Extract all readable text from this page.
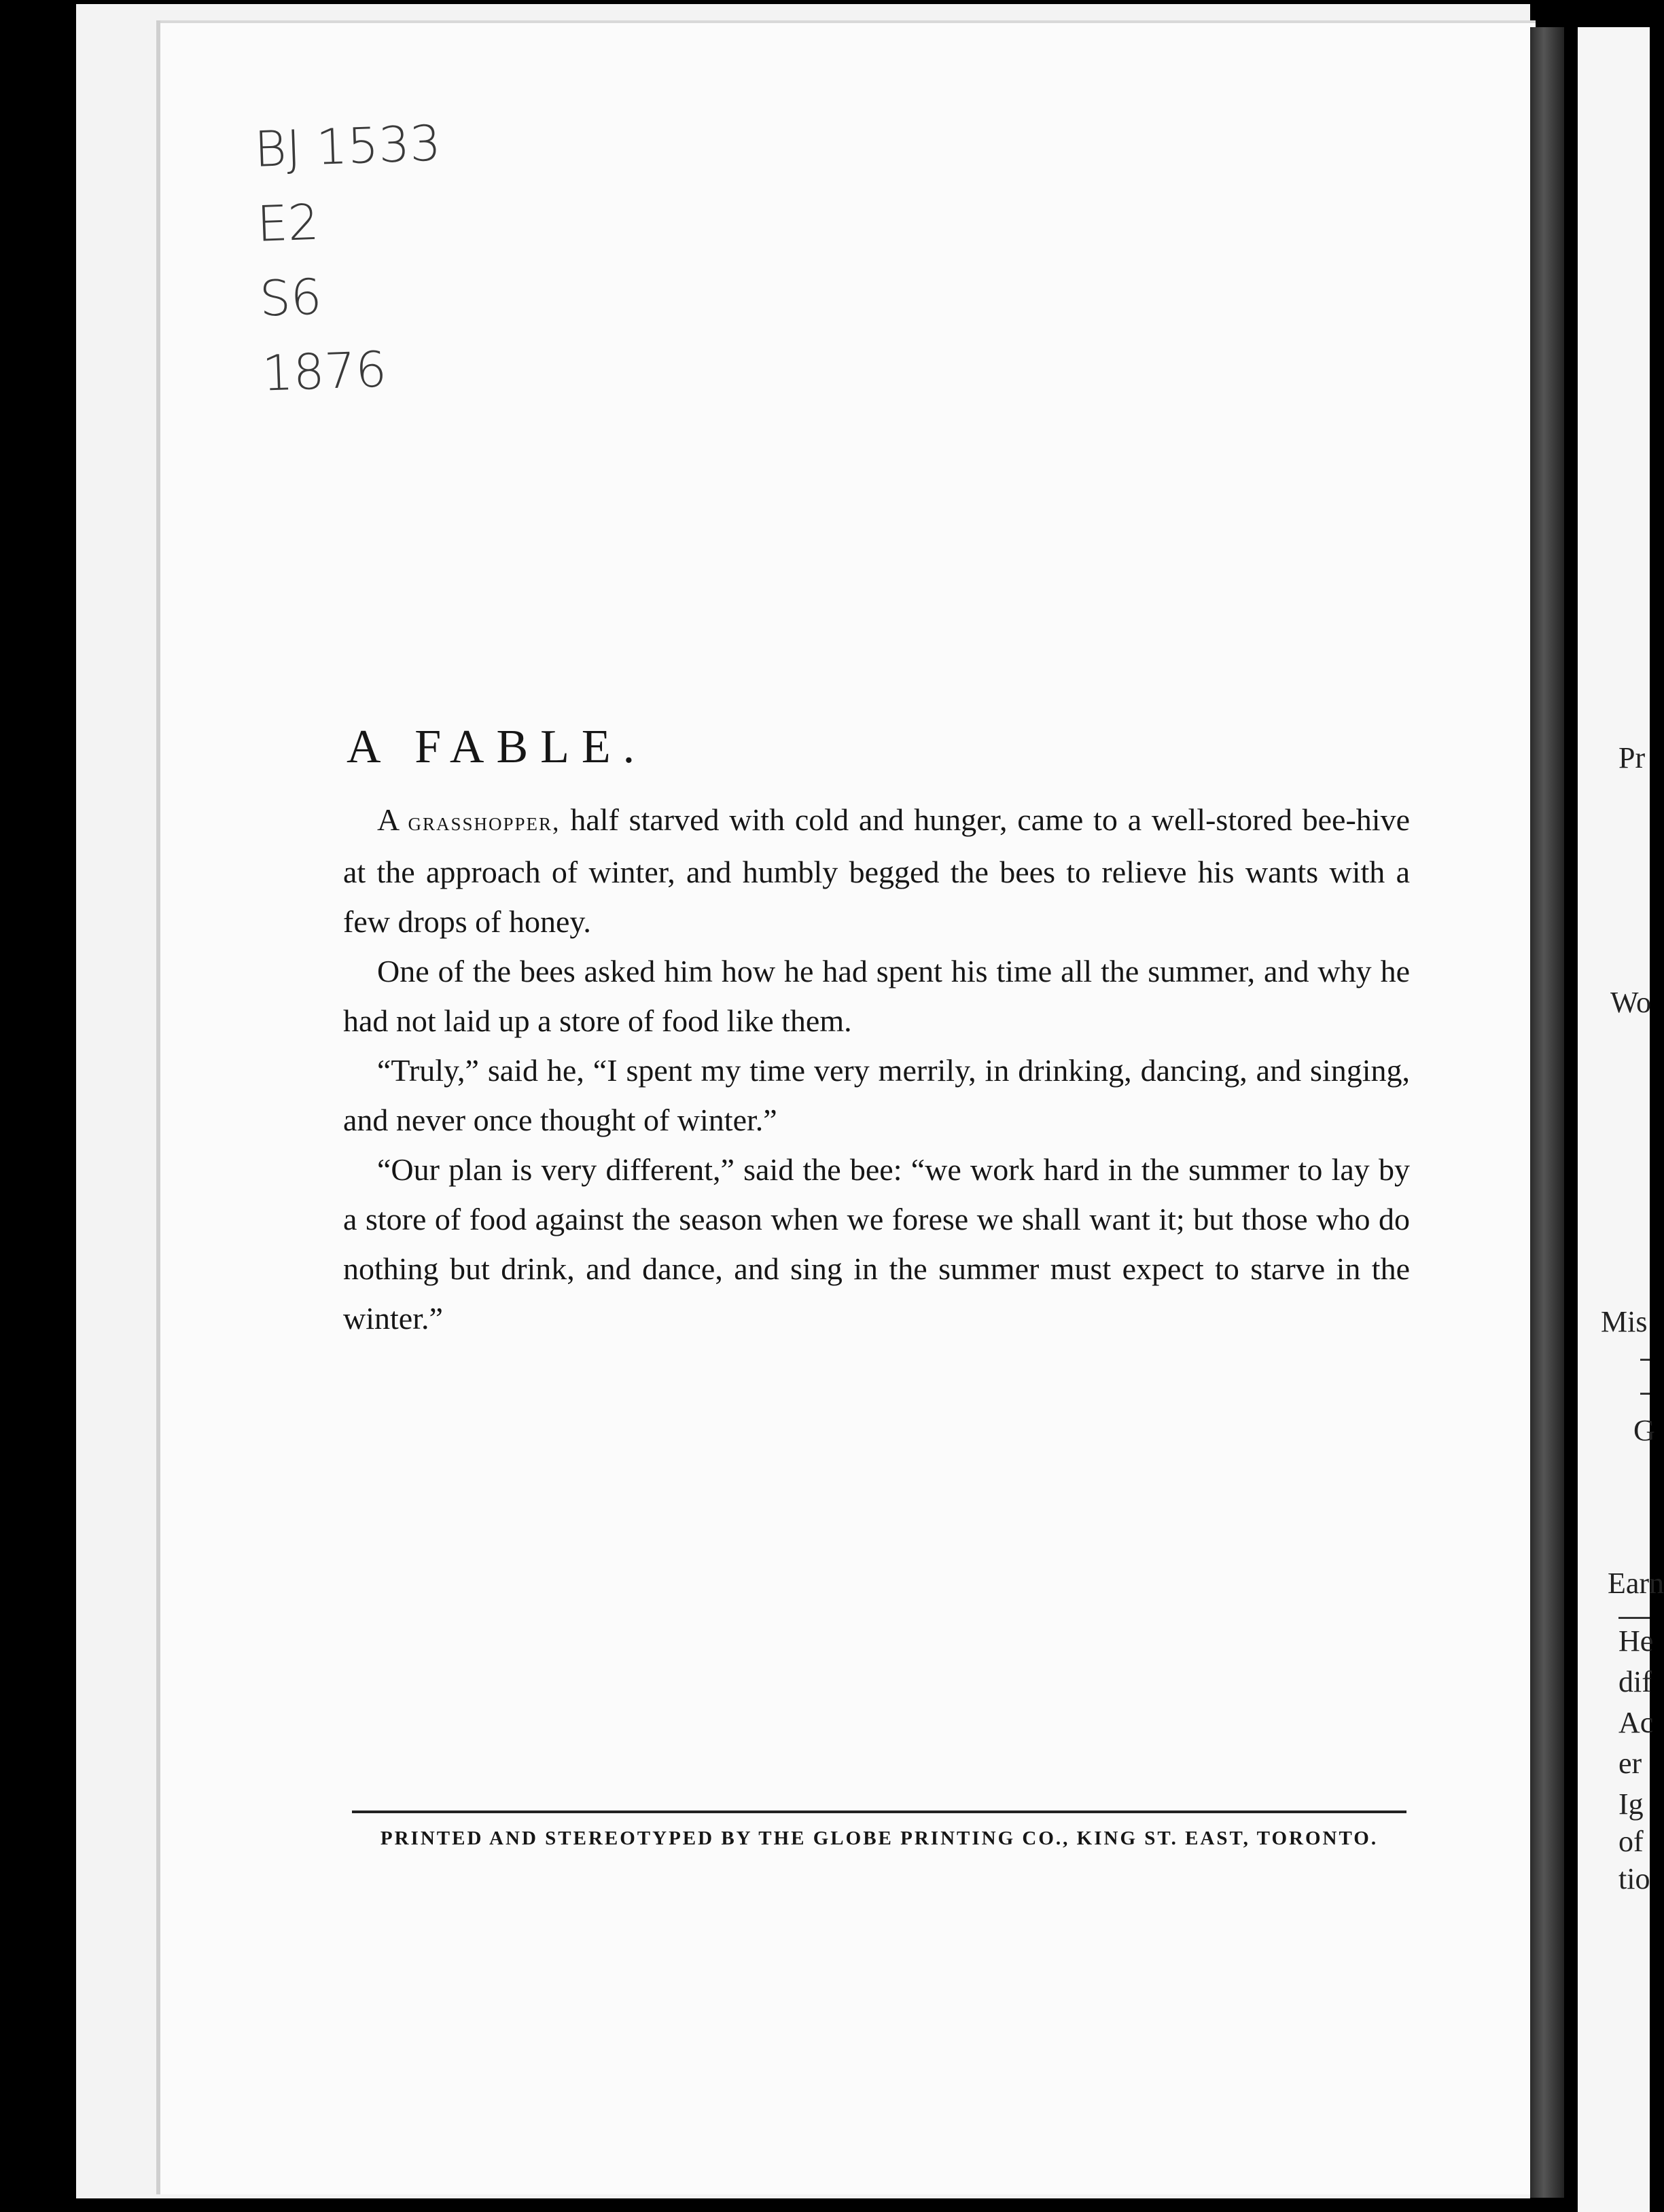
Pr
Wo
Mis
G
Earn
He
dif
Ac
er
Ig
of
tio
BJ 1533
E2
S6
1876
A FABLE.

A grasshopper, half starved with cold and hunger, came to a well-stored bee-hive at the approach of winter, and humbly begged the bees to relieve his wants with a few drops of honey.

One of the bees asked him how he had spent his time all the summer, and why he had not laid up a store of food like them.

“Truly,” said he, “I spent my time very merrily, in drinking, dancing, and singing, and never once thought of winter.”

“Our plan is very different,” said the bee: “we work hard in the summer to lay by a store of food against the season when we forese we shall want it; but those who do nothing but drink, and dance, and sing in the summer must expect to starve in the winter.”

PRINTED AND STEREOTYPED BY THE GLOBE PRINTING CO., KING ST. EAST, TORONTO.
